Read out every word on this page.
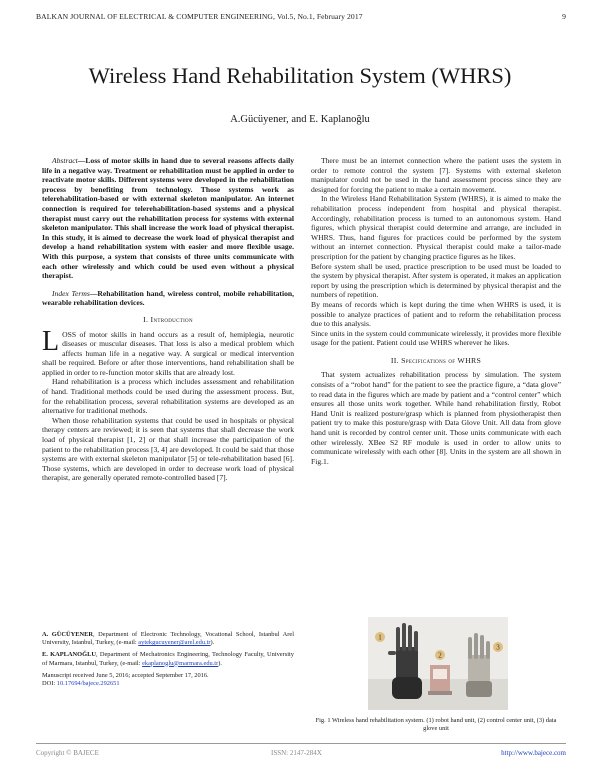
BALKAN JOURNAL OF ELECTRICAL & COMPUTER ENGINEERING, Vol.5, No.1, February 2017	9
Wireless Hand Rehabilitation System (WHRS)
A.Gücüyener, and E. Kaplanoğlu

Abstract—Loss of motor skills in hand due to several reasons affects daily life in a negative way. Treatment or rehabilitation must be applied in order to reactivate motor skills. Different systems were developed in the rehabilitation process by benefiting from technology. Those systems work as telerehabilitation-based or with external skeleton manipulator. An internet connection is required for telerehabilitation-based systems and a physical therapist must carry out the rehabilitation process for systems with external skeleton manipulator. This shall increase the work load of physical therapist. In this study, it is aimed to decrease the work load of physical therapist and develop a hand rehabilitation system with easier and more flexible usage. With this purpose, a system that consists of three units communicate with each other wirelessly and which could be used even without a physical therapist.

Index Terms—Rehabilitation hand, wireless control, mobile rehabilitation, wearable rehabilitation devices.

I. Introduction

LOSS of motor skills in hand occurs as a result of, hemiplegia, neurotic diseases or muscular diseases. That loss is also a medical problem which affects human life in a negative way. A surgical or medical intervention shall be required. Before or after those interventions, hand rehabilitation shall be applied in order to re-function motor skills that are already lost.

Hand rehabilitation is a process which includes assessment and rehabilitation of hand. Traditional methods could be used during the assessment process. But, for the rehabilitation process, several rehabilitation systems are developed as an alternative for traditional methods.

When those rehabilitation systems that could be used in hospitals or physical therapy centers are reviewed; it is seen that systems that shall decrease the work load of physical therapist [1, 2] or that shall increase the participation of the patient to the rehabilitation process [3, 4] are developed. It could be said that those systems are with external skeleton manipulator [5] or tele-rehabilitation based [6]. Those systems, which are developed in order to decrease work load of physical therapist, are generally operated remote-controlled based [7].

A. GÜCÜYENER, Department of Electronic Technology, Vocational School, Istanbul Arel University, Istanbul, Turkey, (e-mail: aytekgucuyener@arel.edu.tr).

E. KAPLANOĞLU, Department of Mechatronics Engineering, Technology Faculty, University of Marmara, Istanbul, Turkey, (e-mail: ekaplanoglu@marmara.edu.tr).

Manuscript received June 5, 2016; accepted September 17, 2016.

DOI: 10.17694/bajece.292651

There must be an internet connection where the patient uses the system in order to remote control the system [7]. Systems with external skeleton manipulator could not be used in the hand assessment process since they are designed for forcing the patient to make a certain movement.

In the Wireless Hand Rehabilitation System (WHRS), it is aimed to make the rehabilitation process independent from hospital and physical therapist. Accordingly, rehabilitation process is turned to an autonomous system. Hand figures, which physical therapist could determine and arrange, are included in WHRS. Thus, hand figures for practices could be performed by the system without an internet connection. Physical therapist could make a tailor-made prescription for the patient by changing practice figures as he likes.

Before system shall be used, practice prescription to be used must be loaded to the system by physical therapist. After system is operated, it makes an application report by using the prescription which is determined by physical therapist and the numbers of repetition.

By means of records which is kept during the time when WHRS is used, it is possible to analyze practices of patient and to reform the rehabilitation process due to this analysis.

Since units in the system could communicate wirelessly, it provides more flexible usage for the patient. Patient could use WHRS wherever he likes.

II. Specifications of WHRS

That system actualizes rehabilitation process by simulation. The system consists of a “robot hand” for the patient to see the practice figure, a “data glove” to read data in the figures which are made by patient and a “control center” which ensures all those units work together. While hand rehabilitation firstly, Robot Hand Unit is realized posture/grasp which is planned from physiotherapist then patient try to make this posture/grasp with Data Glove Unit. All data from glove hand unit is recorded by control center unit. Those units communicate with each other wirelessly. XBee S2 RF module is used in order to allow units to communicate wirelessly with each other [8]. Units in the system are all shown in Fig.1.

1
2
3
Fig. 1 Wireless hand rehabilitation system. (1) robot hand unit, (2) control center unit, (3) data glove unit
Copyright © BAJECE	ISSN: 2147-284X	http://www.bajece.com
